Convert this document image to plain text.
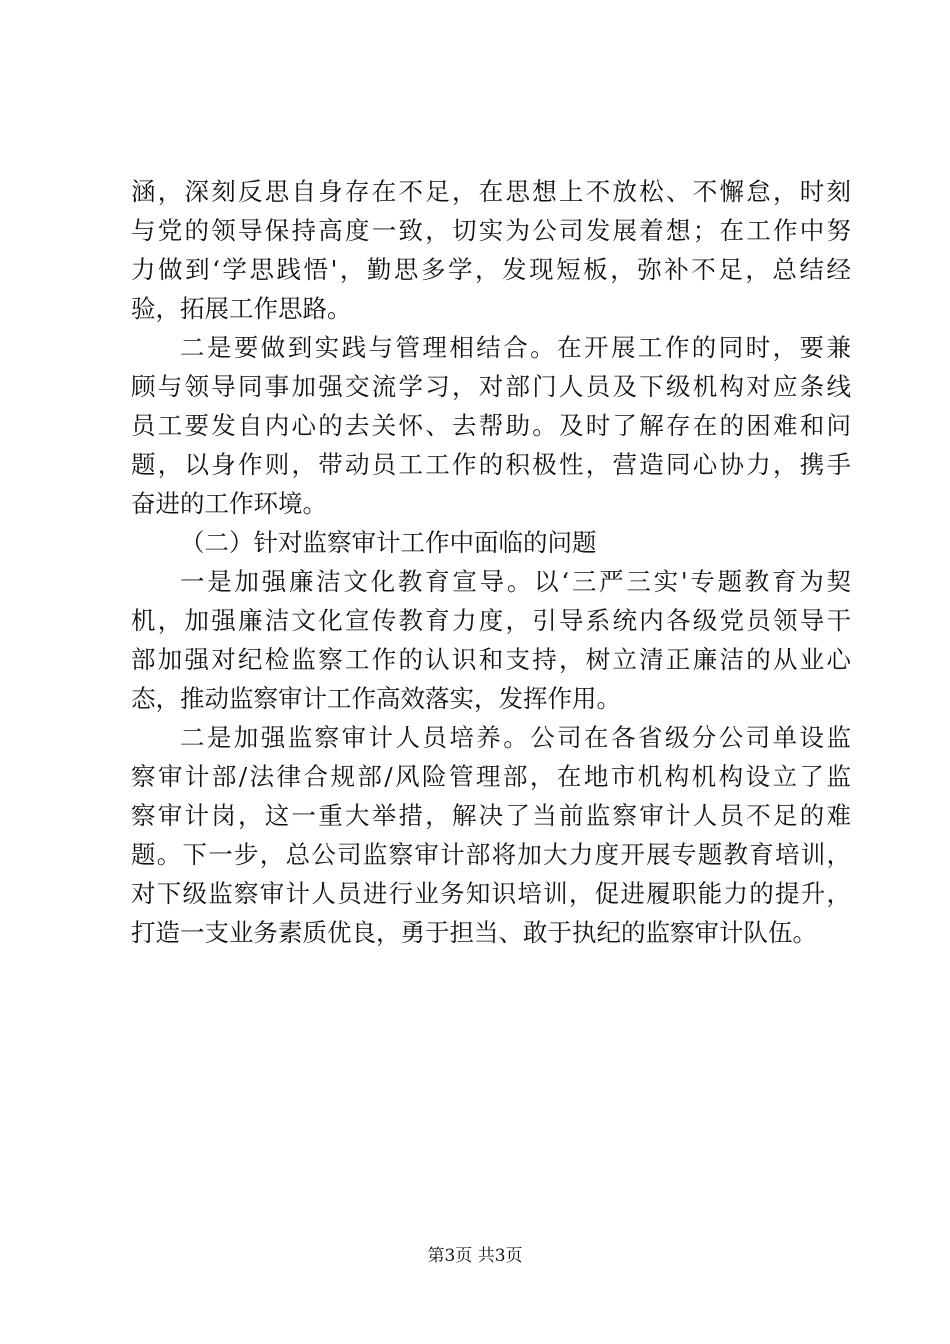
涵，深刻反思自身存在不足，在思想上不放松、不懈怠，时刻
与党的领导保持高度一致，切实为公司发展着想；在工作中努
力做到‘学思践悟'，勤思多学，发现短板，弥补不足，总结经
验，拓展工作思路。
二是要做到实践与管理相结合。在开展工作的同时，要兼
顾与领导同事加强交流学习，对部门人员及下级机构对应条线
员工要发自内心的去关怀、去帮助。及时了解存在的困难和问
题，以身作则，带动员工工作的积极性，营造同心协力，携手
奋进的工作环境。
（二）针对监察审计工作中面临的问题
一是加强廉洁文化教育宣导。以‘三严三实'专题教育为契
机，加强廉洁文化宣传教育力度，引导系统内各级党员领导干
部加强对纪检监察工作的认识和支持，树立清正廉洁的从业心
态，推动监察审计工作高效落实，发挥作用。
二是加强监察审计人员培养。公司在各省级分公司单设监
察审计部/法律合规部/风险管理部，在地市机构机构设立了监
察审计岗，这一重大举措，解决了当前监察审计人员不足的难
题。下一步，总公司监察审计部将加大力度开展专题教育培训，
对下级监察审计人员进行业务知识培训，促进履职能力的提升，
打造一支业务素质优良，勇于担当、敢于执纪的监察审计队伍。
第3页 共3页
